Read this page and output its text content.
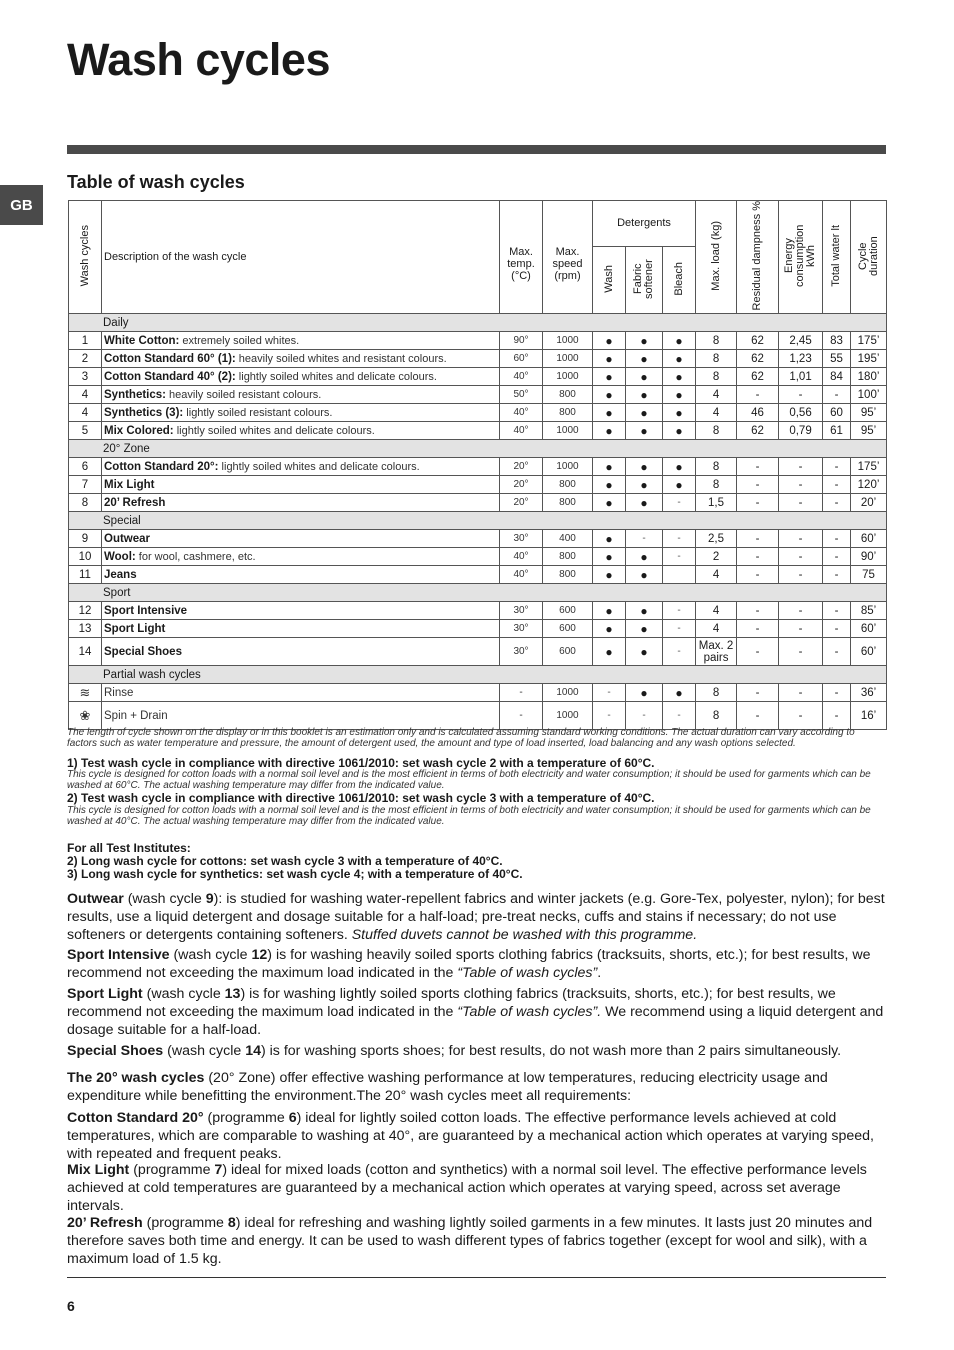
Wash cycles
GB
Table of wash cycles
Wash cycles	Description of the wash cycle	Max. temp. (°C)	Max. speed (rpm)	Detergents			Max. load (kg)	Residual dampness %	Energy consumption kWh	Total water lt	Cycle duration
				Wash	Fabric softener	Bleach					
Daily											
1	White Cotton: extremely soiled whites.	90°	1000	●	●	●	8	62	2,45	83	175’
2	Cotton Standard 60° (1): heavily soiled whites and resistant colours.	60°	1000	●	●	●	8	62	1,23	55	195’
3	Cotton Standard 40° (2): lightly soiled whites and delicate colours.	40°	1000	●	●	●	8	62	1,01	84	180’
4	Synthetics: heavily soiled resistant colours.	50°	800	●	●	●	4	-	-	-	100’
4	Synthetics (3): lightly soiled resistant colours.	40°	800	●	●	●	4	46	0,56	60	95’
5	Mix Colored: lightly soiled whites and delicate colours.	40°	1000	●	●	●	8	62	0,79	61	95’
20° Zone											
6	Cotton Standard 20°: lightly soiled whites and delicate colours.	20°	1000	●	●	●	8	-	-	-	175’
7	Mix Light	20°	800	●	●	●	8	-	-	-	120’
8	20’ Refresh	20°	800	●	●	-	1,5	-	-	-	20’
Special											
9	Outwear	30°	400	●	-	-	2,5	-	-	-	60’
10	Wool: for wool, cashmere, etc.	40°	800	●	●	-	2	-	-	-	90’
11	Jeans	40°	800	●	●		4	-	-	-	75
Sport											
12	Sport Intensive	30°	600	●	●	-	4	-	-	-	85’
13	Sport Light	30°	600	●	●	-	4	-	-	-	60’
14	Special Shoes	30°	600	●	●	-	Max. 2 pairs	-	-	-	60’
Partial wash cycles											
≋	Rinse	-	1000	-	●	●	8	-	-	-	36’
❀	Spin + Drain	-	1000	-	-	-	8	-	-	-	16’

The length of cycle shown on the display or in this booklet is an estimation only and is calculated assuming standard working conditions. The actual duration can vary according to factors such as water temperature and pressure, the amount of detergent used, the amount and type of load inserted, load balancing and any wash options selected.

1) Test wash cycle in compliance with directive 1061/2010: set wash cycle 2 with a temperature of 60°C.

This cycle is designed for cotton loads with a normal soil level and is the most efficient in terms of both electricity and water consumption; it should be used for garments which can be washed at 60°C. The actual washing temperature may differ from the indicated value.

2) Test wash cycle in compliance with directive 1061/2010: set wash cycle 3 with a temperature of 40°C.

This cycle is designed for cotton loads with a normal soil level and is the most efficient in terms of both electricity and water consumption; it should be used for garments which can be washed at 40°C. The actual washing temperature may differ from the indicated value.

For all Test Institutes:
2) Long wash cycle for cottons: set wash cycle 3 with a temperature of 40°C.
3) Long wash cycle for synthetics: set wash cycle 4; with a temperature of 40°C.

Outwear (wash cycle 9): is studied for washing water-repellent fabrics and winter jackets (e.g. Gore-Tex, polyester, nylon); for best results, use a liquid detergent and dosage suitable for a half-load; pre-treat necks, cuffs and stains if necessary; do not use softeners or detergents containing softeners. Stuffed duvets cannot be washed with this programme.

Sport Intensive (wash cycle 12) is for washing heavily soiled sports clothing fabrics (tracksuits, shorts, etc.); for best results, we recommend not exceeding the maximum load indicated in the “Table of wash cycles”.

Sport Light (wash cycle 13) is for washing lightly soiled sports clothing fabrics (tracksuits, shorts, etc.); for best results, we recommend not exceeding the maximum load indicated in the “Table of wash cycles”. We recommend using a liquid detergent and dosage suitable for a half-load.

Special Shoes (wash cycle 14) is for washing sports shoes; for best results, do not wash more than 2 pairs simultaneously.

The 20° wash cycles (20° Zone) offer effective washing performance at low temperatures, reducing electricity usage and expenditure while benefitting the environment.The 20° wash cycles meet all requirements:

Cotton Standard 20° (programme 6) ideal for lightly soiled cotton loads. The effective performance levels achieved at cold temperatures, which are comparable to washing at 40°, are guaranteed by a mechanical action which operates at varying speed, with repeated and frequent peaks.

Mix Light (programme 7) ideal for mixed loads (cotton and synthetics) with a normal soil level. The effective performance levels achieved at cold temperatures are guaranteed by a mechanical action which operates at varying speed, across set average intervals.

20’ Refresh (programme 8) ideal for refreshing and washing lightly soiled garments in a few minutes. It lasts just 20 minutes and therefore saves both time and energy. It can be used to wash different types of fabrics together (except for wool and silk), with a maximum load of 1.5 kg.

6
